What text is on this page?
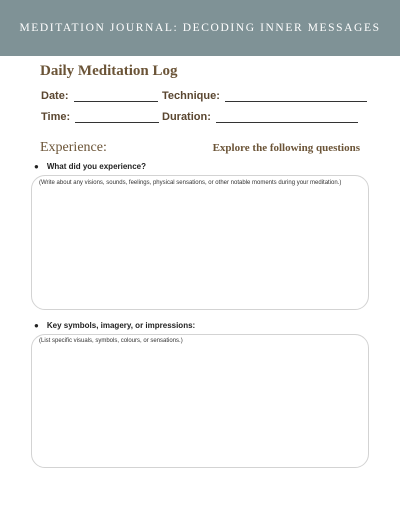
MEDITATION JOURNAL: DECODING INNER MESSAGES
Daily Meditation Log
Date:	Technique:
Time:	Duration:
Experience:	Explore the following questions
● What did you experience?
(Write about any visions, sounds, feelings, physical sensations, or other notable moments during your meditation.)
● Key symbols, imagery, or impressions:
(List specific visuals, symbols, colours, or sensations.)
